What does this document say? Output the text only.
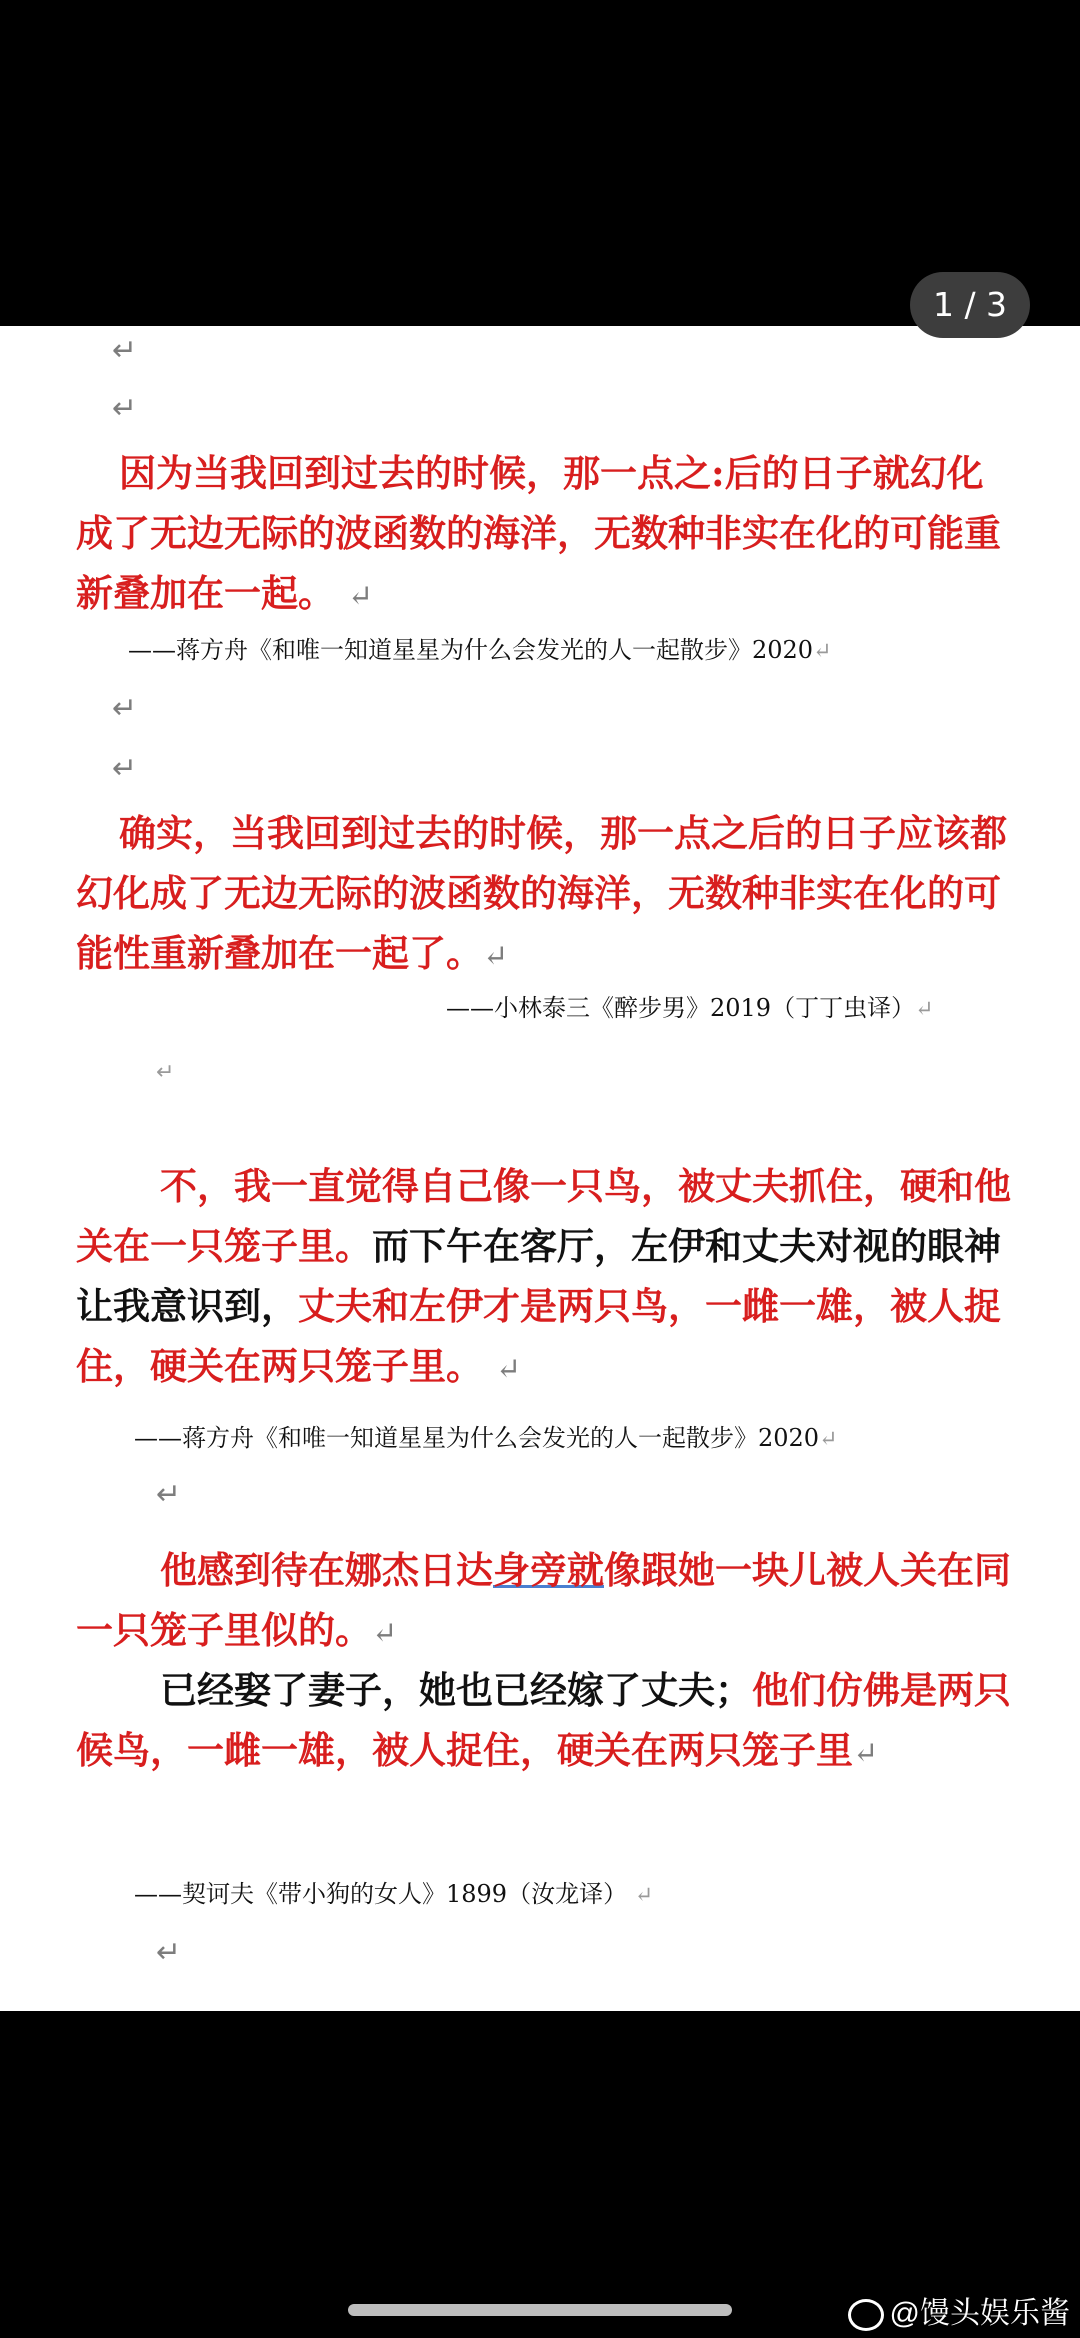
1 / 3
↵
↵
因为当我回到过去的时候，那一点之:后的日子就幻化成了无边无际的波函数的海洋，无数种非实在化的可能重新叠加在一起。 ↵
——蒋方舟《和唯一知道星星为什么会发光的人一起散步》2020↵
↵
↵
确实，当我回到过去的时候，那一点之后的日子应该都幻化成了无边无际的波函数的海洋，无数种非实在化的可能性重新叠加在一起了。↵
——小林泰三《醉步男》2019（丁丁虫译）↵
↵
不，我一直觉得自己像一只鸟，被丈夫抓住，硬和他关在一只笼子里。而下午在客厅，左伊和丈夫对视的眼神让我意识到，丈夫和左伊才是两只鸟，一雌一雄，被人捉住，硬关在两只笼子里。 ↵
——蒋方舟《和唯一知道星星为什么会发光的人一起散步》2020↵
↵
他感到待在娜杰日达身旁就像跟她一块儿被人关在同一只笼子里似的。↵
已经娶了妻子，她也已经嫁了丈夫；他们仿佛是两只候鸟，一雌一雄，被人捉住，硬关在两只笼子里↵
——契诃夫《带小狗的女人》1899（汝龙译） ↵
↵
@馒头娱乐酱
